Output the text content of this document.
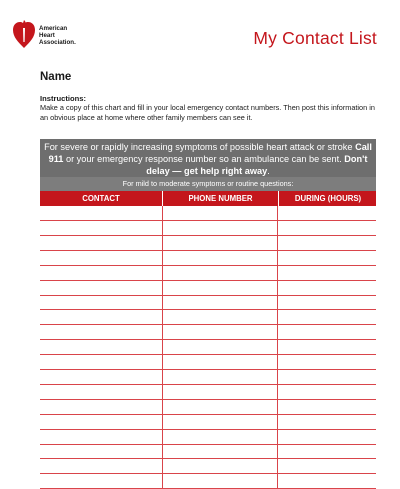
American
Heart
Association.	My Contact List
Name
Instructions:
Make a copy of this chart and fill in your local emergency contact numbers. Then post this information in an obvious place at home where other family members can see it.
For severe or rapidly increasing symptoms of possible heart attack or stroke Call 911 or your emergency response number so an ambulance can be sent. Don't delay — get help right away.
For mild to moderate symptoms or routine questions:
CONTACT	PHONE NUMBER	DURING (HOURS)
